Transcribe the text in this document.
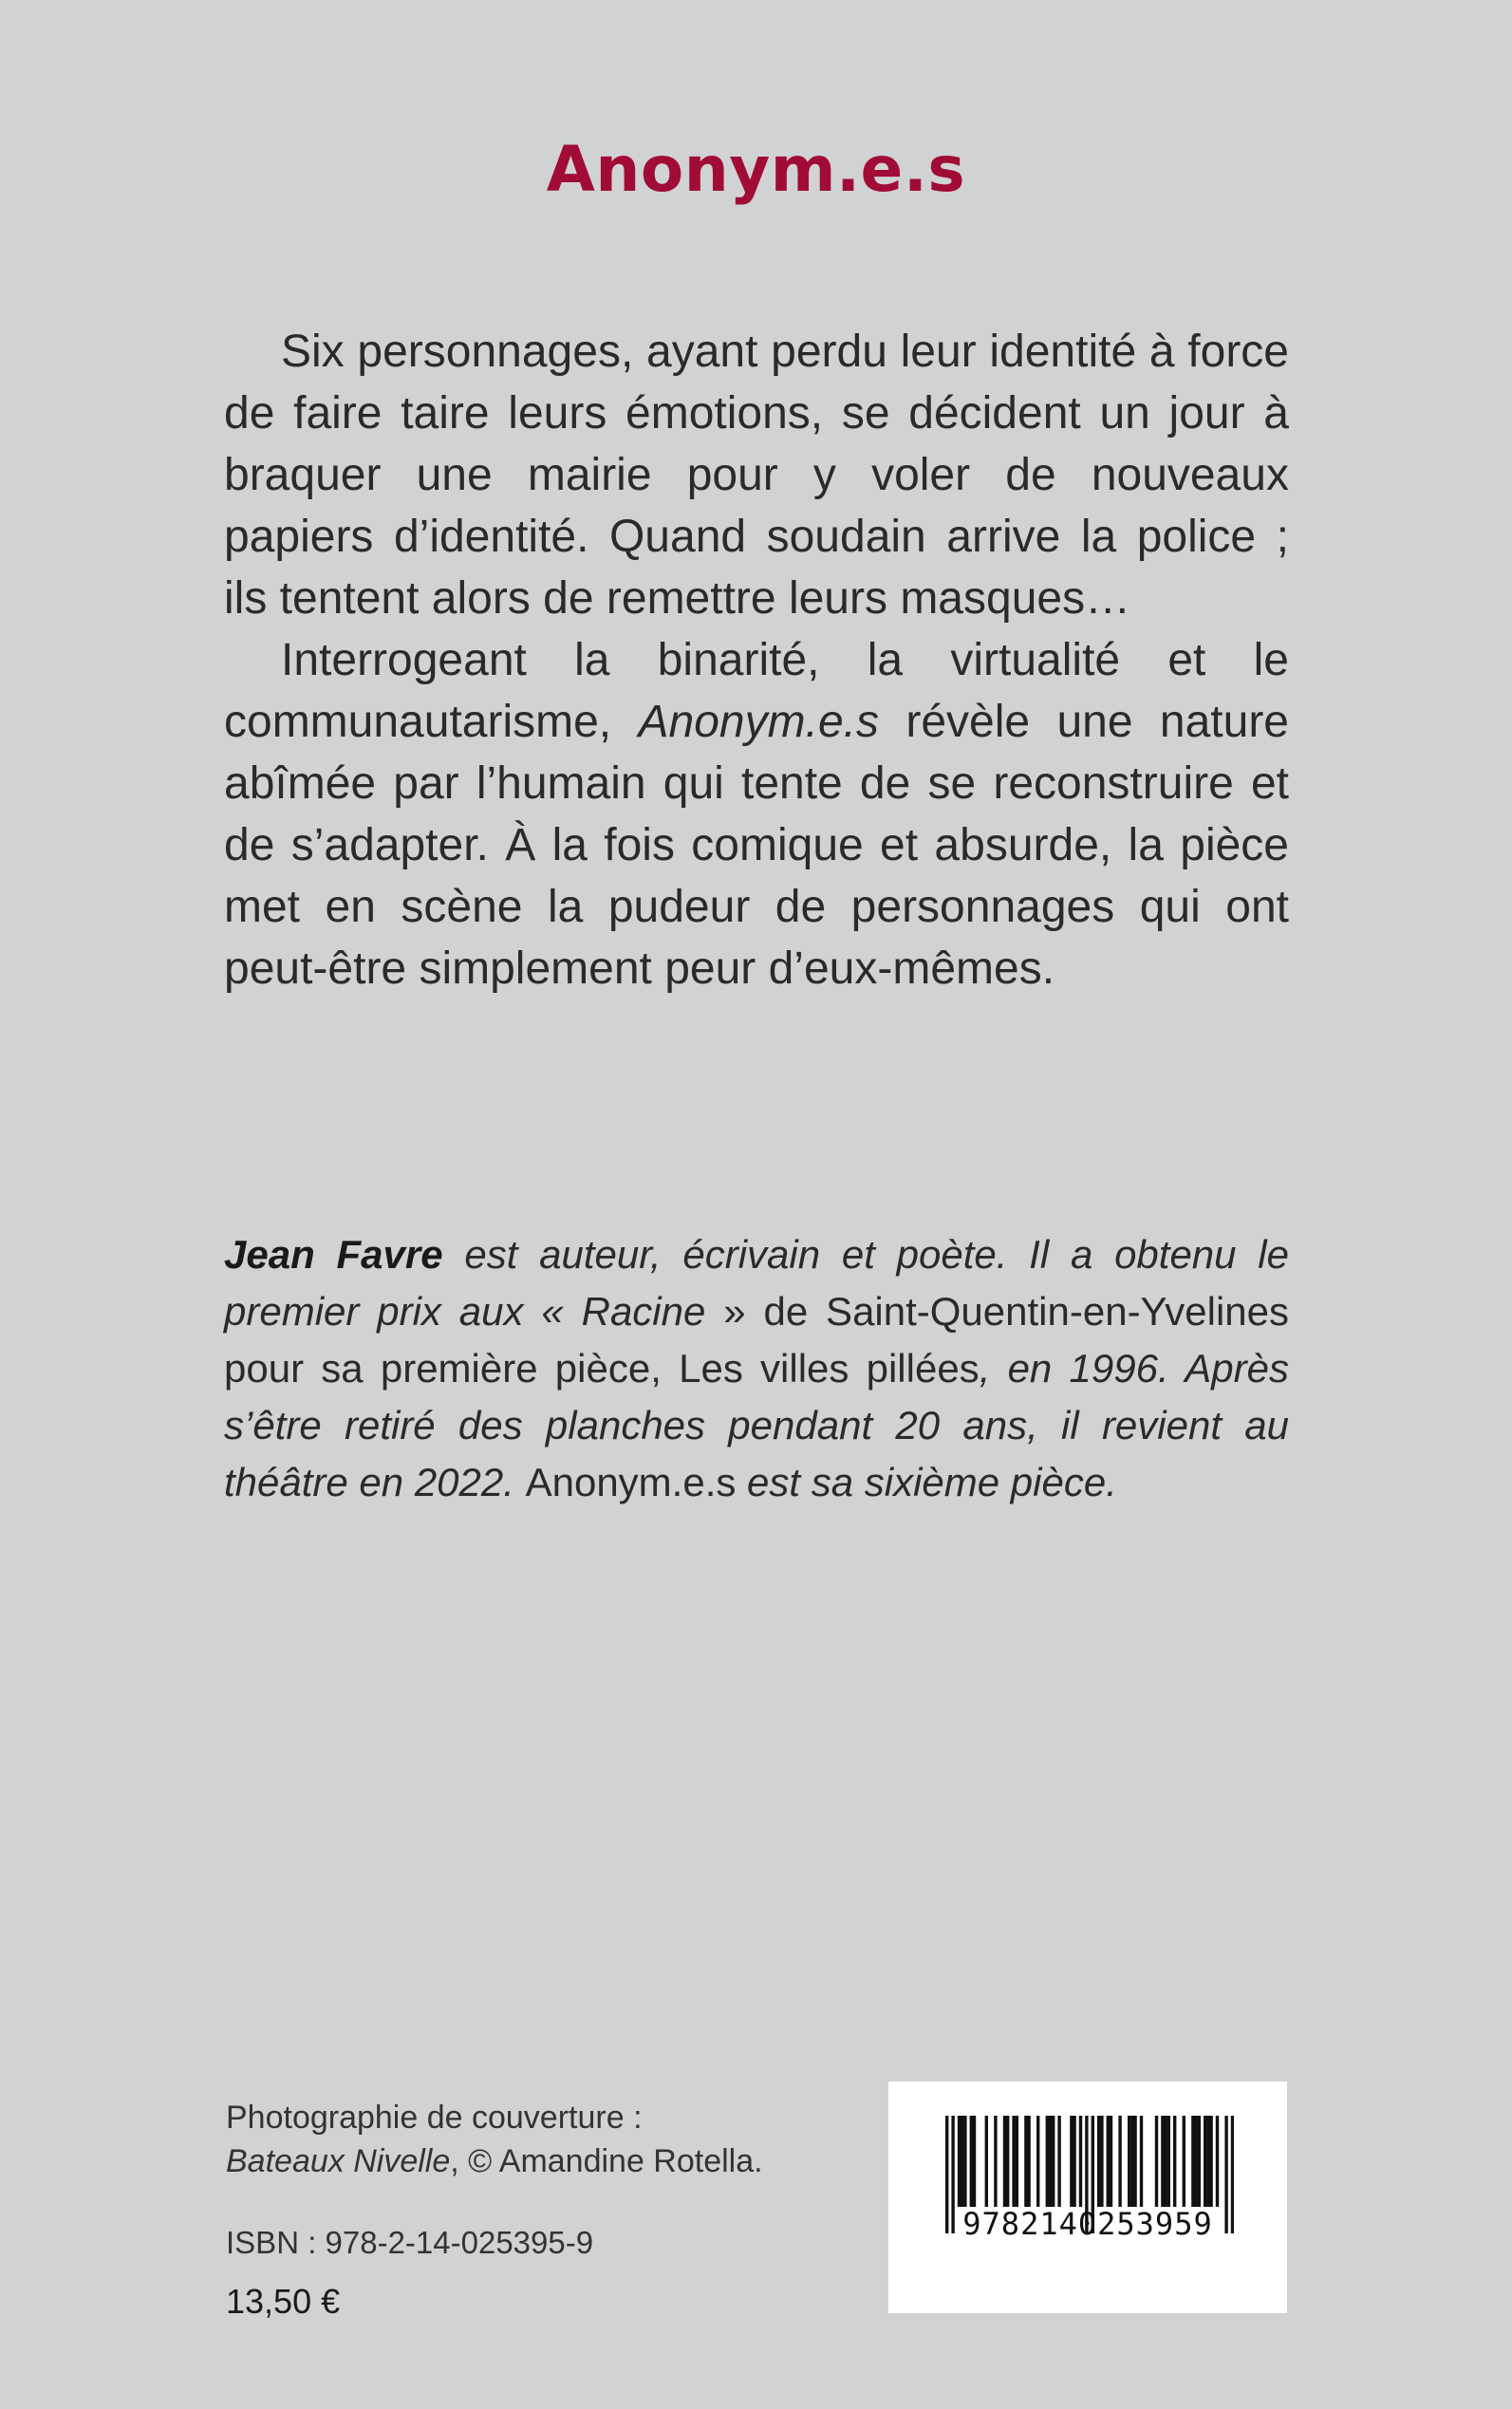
Anonym.e.s

Six personnages, ayant perdu leur identité à force de faire taire leurs émotions, se décident un jour à braquer une mairie pour y voler de nouveaux papiers d’identité. Quand soudain arrive la police ; ils tentent alors de remettre leurs masques…

Interrogeant la binarité, la virtualité et le communautarisme, Anonym.e.s révèle une nature abîmée par l’humain qui tente de se reconstruire et de s’adapter. À la fois comique et absurde, la pièce met en scène la pudeur de personnages qui ont peut-être simplement peur d’eux-mêmes.

Jean Favre est auteur, écrivain et poète. Il a obtenu le premier prix aux « Racine » de Saint-Quentin-en-Yvelines pour sa première pièce, Les villes pillées, en 1996. Après s’être retiré des planches pendant 20 ans, il revient au théâtre en 2022. Anonym.e.s est sa sixième pièce.

Photographie de couverture :
Bateaux Nivelle, © Amandine Rotella.
ISBN : 978-2-14-025395-9
13,50 €
9782140253959
